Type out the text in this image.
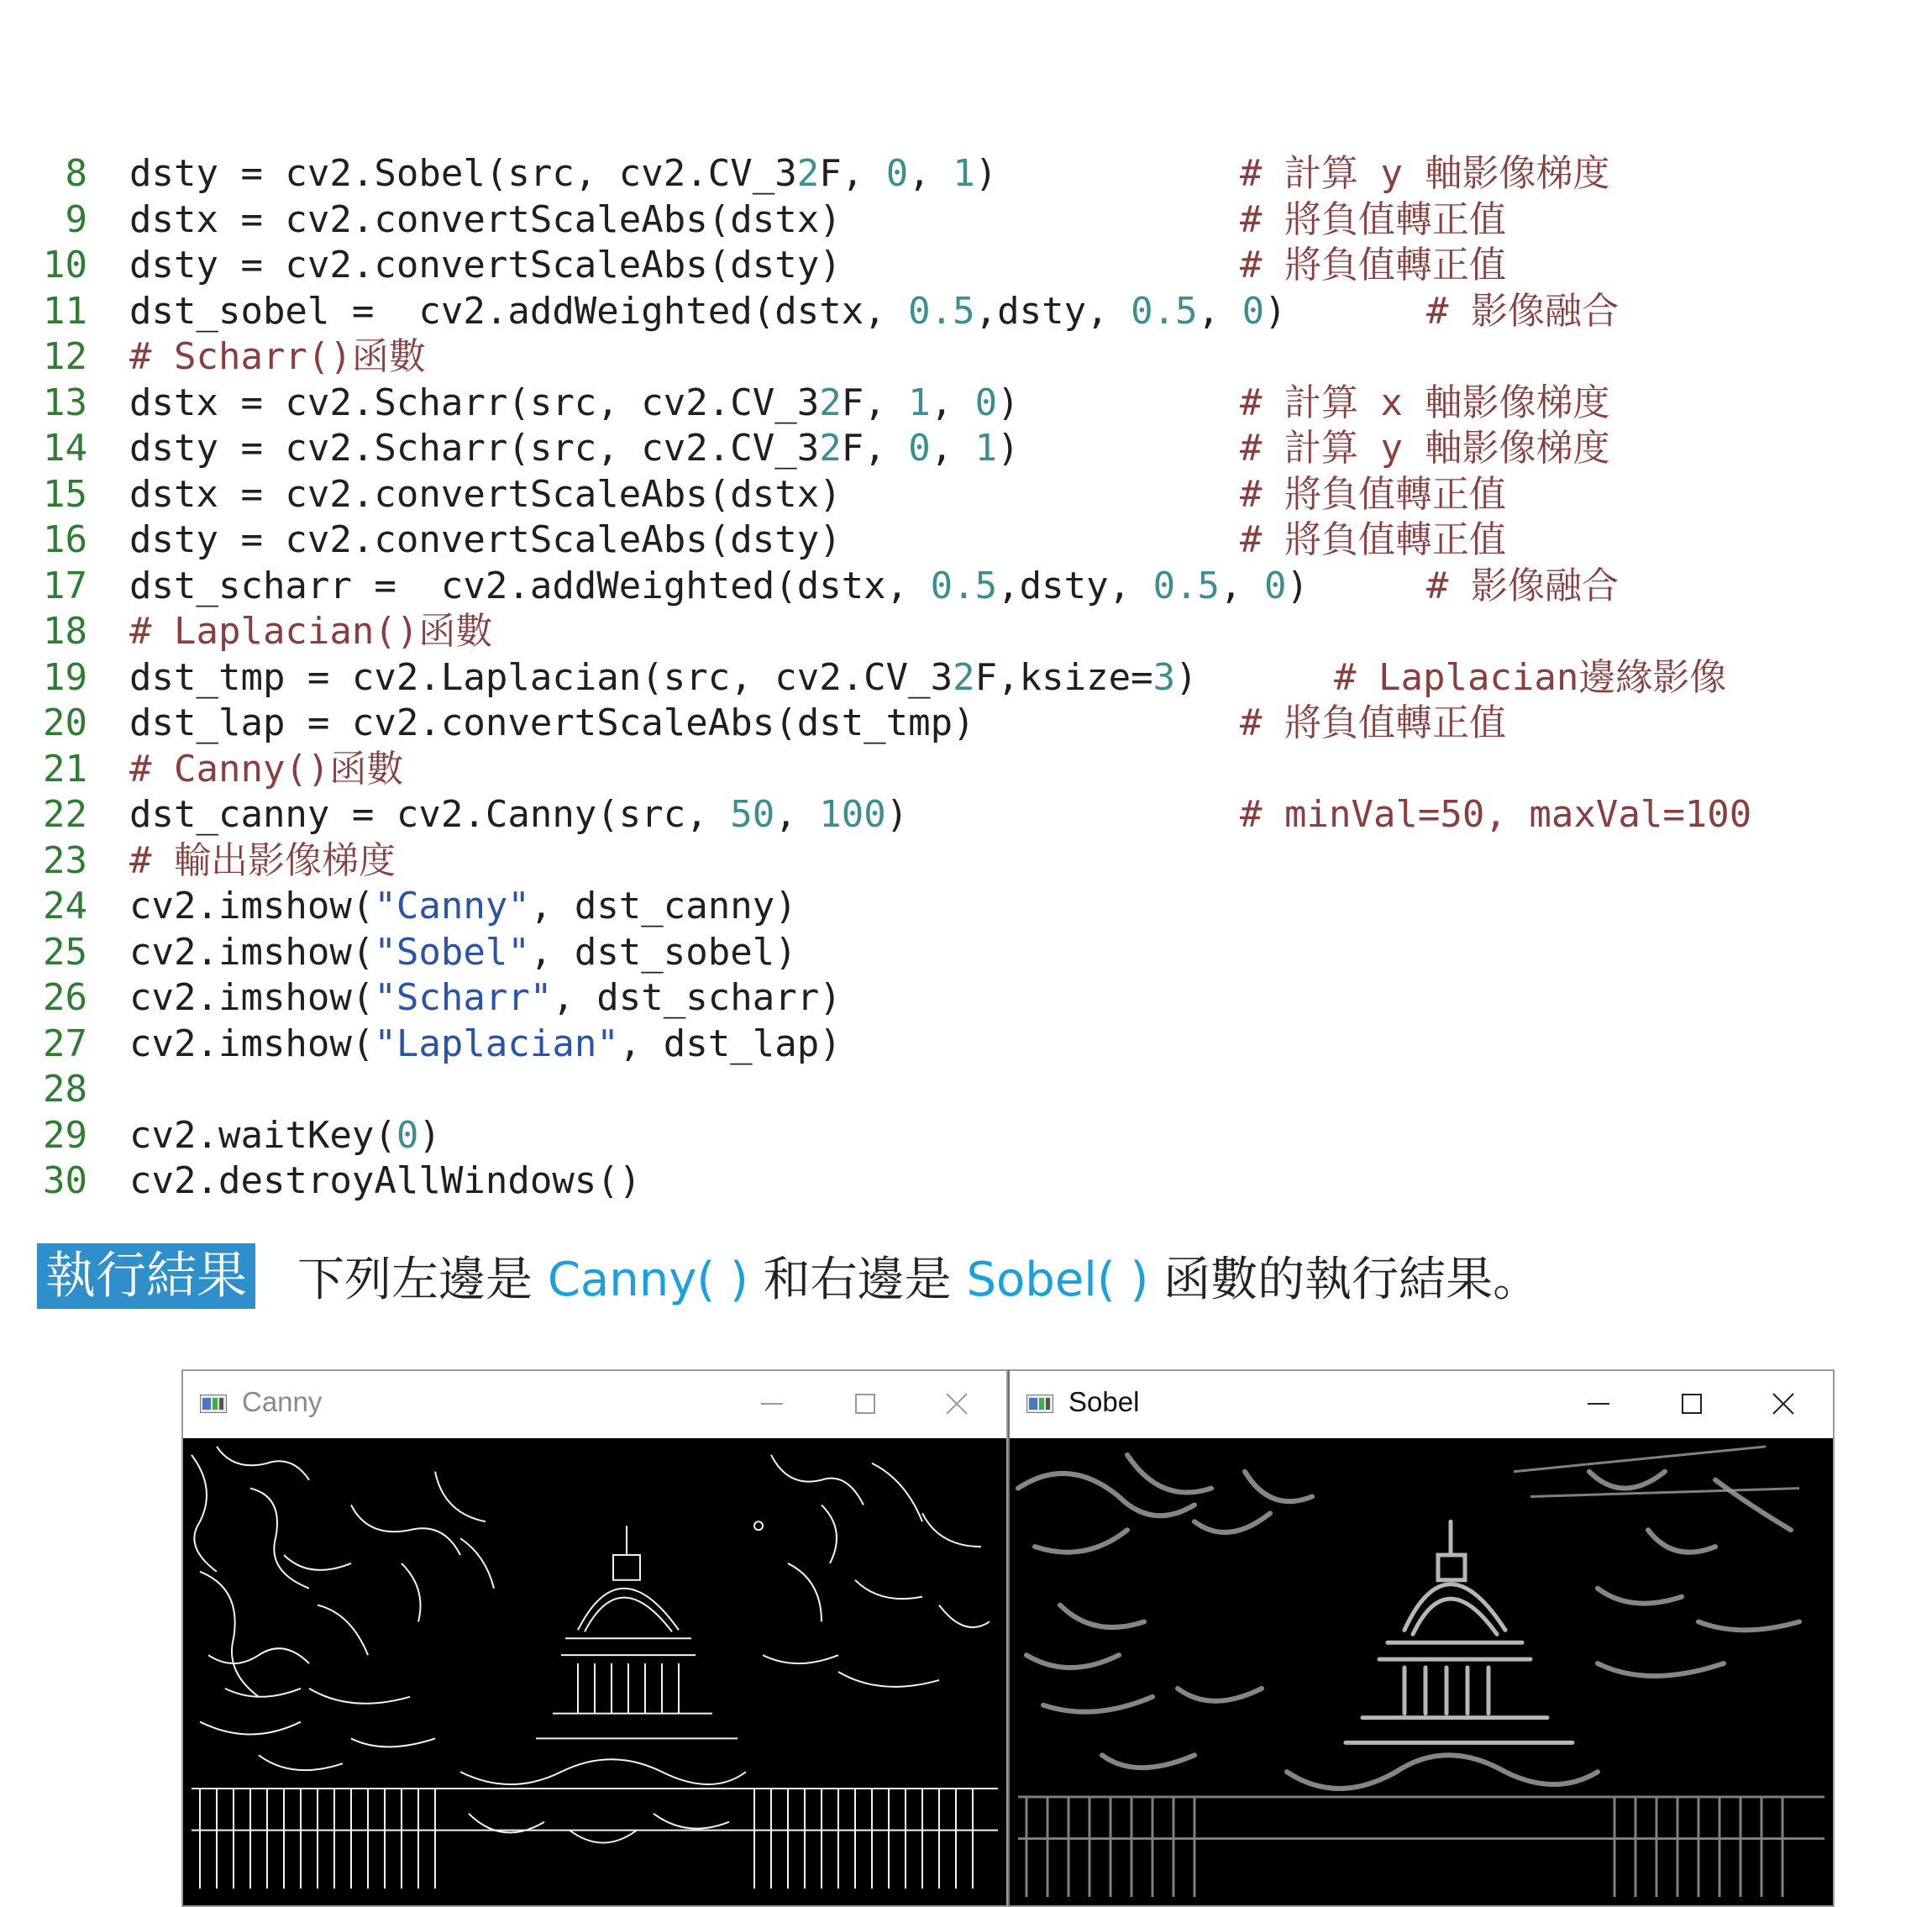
8 dsty = cv2.Sobel(src, cv2.CV_32F, 0, 1)	# 計算 y 軸影像梯度
9 dstx = cv2.convertScaleAbs(dstx)	# 將負值轉正值
10 dsty = cv2.convertScaleAbs(dsty)	# 將負值轉正值
11 dst_sobel =  cv2.addWeighted(dstx, 0.5,dsty, 0.5, 0)	# 影像融合
12 # Scharr()函數
13 dstx = cv2.Scharr(src, cv2.CV_32F, 1, 0)	# 計算 x 軸影像梯度
14 dsty = cv2.Scharr(src, cv2.CV_32F, 0, 1)	# 計算 y 軸影像梯度
15 dstx = cv2.convertScaleAbs(dstx)	# 將負值轉正值
16 dsty = cv2.convertScaleAbs(dsty)	# 將負值轉正值
17 dst_scharr =  cv2.addWeighted(dstx, 0.5,dsty, 0.5, 0)	# 影像融合
18 # Laplacian()函數
19 dst_tmp = cv2.Laplacian(src, cv2.CV_32F,ksize=3)	# Laplacian邊緣影像
20 dst_lap = cv2.convertScaleAbs(dst_tmp)	# 將負值轉正值
21 # Canny()函數
22 dst_canny = cv2.Canny(src, 50, 100)	# minVal=50, maxVal=100
23 # 輸出影像梯度
24 cv2.imshow("Canny", dst_canny)
25 cv2.imshow("Sobel", dst_sobel)
26 cv2.imshow("Scharr", dst_scharr)
27 cv2.imshow("Laplacian", dst_lap)
28
29 cv2.waitKey(0)
30 cv2.destroyAllWindows()
執行結果 下列左邊是 Canny( ) 和右邊是 Sobel( ) 函數的執行結果。
Canny	Sobel
